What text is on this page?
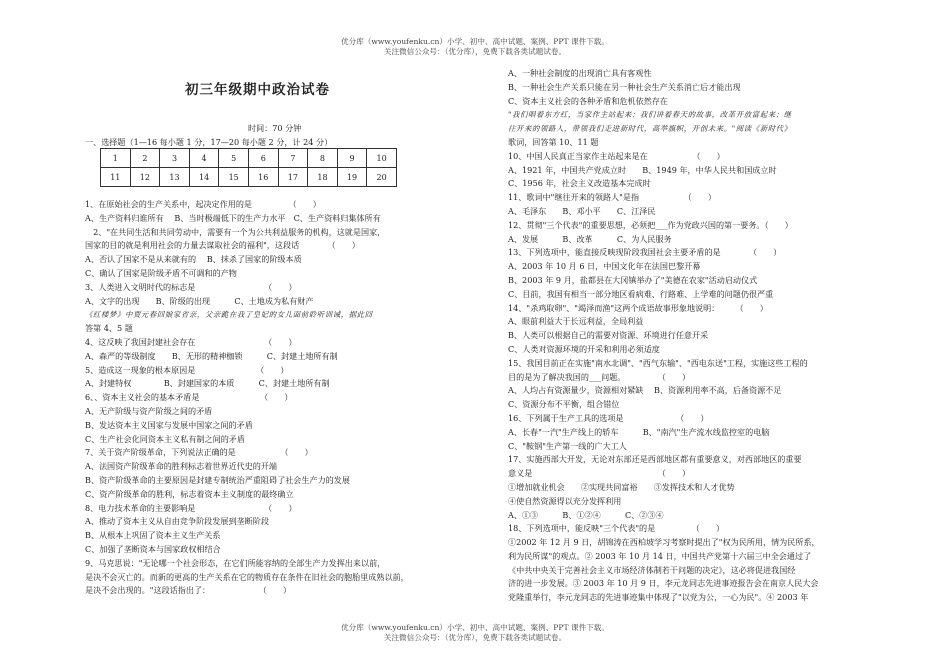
优分库（www.youfenku.cn）小学、初中、高中试题、案例、PPT 课件下载。
关注微信公众号：（优分库），免费下载各类试题试卷。
初三年级期中政治试卷
时间：70 分钟
一、选择题（1—16 每小题 1 分，17—20 每小题 2 分，计 24 分）
1	2	3	4	5	6	7	8	9	10
11	12	13	14	15	16	17	18	19	20

1、在原始社会的生产关系中，起决定作用的是　　　　　（　　）

A、生产资料归谁所有　 B、当时极端低下的生产力水平　C、生产资料归集体所有

　2、"在共同生活和共同劳动中，需要有一个为公共利益服务的机构，这就是国家，

国家的目的就是利用社会的力量去谋取社会的福利"，这段话　　　　（　　）

A、否认了国家不是从来就有的　 B、抹杀了国家的阶级本质

C、确认了国家是阶级矛盾不可调和的产物

3、人类进入文明时代的标志是　　　　　　　　　（　　）

A、文字的出现　　B、阶级的出现　　　C、土地成为私有财产

《红楼梦》中贾元春回娘家省亲，父亲跪在我了皇妃的女儿面前聆听训诫，据此回

答第 4、5 题

4、这反映了我国封建社会存在　　　　　　　　　（　　）

A、森严的等级制度　　B、无形的精神枷锁　　　C、封建土地所有制

5、造成这一现象的根本原因是　　　　　　　　（　　）

A、封建特权　　　　B、封建国家的本质　　　C、封建土地所有制

6、、资本主义社会的基本矛盾是　　　　　　　　（　　）

A、无产阶级与资产阶级之间的矛盾

B、发达资本主义国家与发展中国家之间的矛盾

C、生产社会化同资本主义私有制之间的矛盾

7、关于资产阶级革命，下列说法正确的是　　　　　　（　　）

A、法国资产阶级革命的胜利标志着世界近代史的开端

B、资产阶级革命的主要原因是封建专制统治严重阻碍了社会生产力的发展

C、资产阶级革命的胜利，标志着资本主义制度的最终确立

8、电力技术革命的主要影响是　　　　　　　　　（　　）

A、推动了资本主义从自由竞争阶段发展到垄断阶段

B、从根本上巩固了资本主义生产关系

C、加强了垄断资本与国家政权相结合

9、马克思说："无论哪一个社会形态，在它们所能容纳的全部生产力发挥出来以前，

是决不会灭亡的。而新的更高的生产关系在它的物质存在条件在旧社会的胞胎里成熟以前，

是决不会出现的。"这段话指出了：　　　　　　　（　　）

A、一种社会制度的出现消亡具有客观性

B、一种社会生产关系只能在另一种社会生产关系消亡后才能出现

C、资本主义社会的各种矛盾和危机依然存在

"我们唱着东方红，当家作主站起来；我们讲着春天的故事，改革开放富起来；继

往开来的领路人，带领我们走进新时代，高举旗帜，开创未来。"阅读《新时代》

歌词，回答第 10、11 题

10、中国人民真正当家作主站起来是在　　　　　　（　　）

A、1921 年，中国共产党成立时　　B、1949 年，中华人民共和国成立时

C、1956 年，社会主义改造基本完成时

11、歌词中"继往开来的领路人"是指　　　　　　（　　）

A、毛泽东　　B、邓小平　　C、江泽民

12、贯彻"三个代表"的重要思想，必须把___作为党政兴国的第一要务。（　　）

A、发展　　　B、改革　　　C、为人民服务

13、下列选项中，能直接反映现阶段我国社会主要矛盾的是　　　　（　　）

A、2003 年 10 月 6 日，中国文化年在法国巴黎开幕

B、2003 年 9 月，盐都县在大冈镇举办了"美德在农家"活动启动仪式

C、目前，我国有相当一部分地区看病难、行路难、上学难的问题仍很严重

14、"杀鸡取卵"、"竭泽而渔"这两个成语故事形象地说明：　　　（　　）

A、眼前利益大于长远利益，全局利益

B、人类可以根据自己的需要对资源、环境进行任意开采

C、人类对资源环境的开采和利用必须适度

15、我国目前正在实施"南水北调"、"西气东输"、"西电东送"工程，实施这些工程的

目的是为了解决我国的___问题。　　　　　（　　）

A、人均占有资源量少，资源相对紧缺　 B、资源利用率不高，后备资源不足

C、资源分布不平衡，组合错位

16、下列属于生产工具的选项是　　　　　　　（　　）

A、长春"一汽"生产线上的轿车　　　B、"南汽"生产流水线监控室的电脑

C、"鞍钢"生产第一线的广大工人

17、实施西部大开发，无论对东部还是西部地区都有重要意义，对西部地区的重要

意义是　　　　　　　　　　　　　　　　（　　）

①增加就业机会　　②实现共同富裕　　③发挥技术和人才优势

④使自然资源得以充分发挥利用

A、①③　　　B、①②④　　　C、②③④

18、下列选项中，能反映"三个代表"的是　　　　　（　　）

①2002 年 12 月 9 日，胡锦涛在西柏坡学习考察时提出了"权为民所用，情为民所系，

利为民所谋"的观点。② 2003 年 10 月 14 日，中国共产党第十六届三中全会通过了

《中共中央关于完善社会主义市场经济体制若干问题的决定》，这必将促进我国经

济的进一步发展。③ 2003 年 10 月 9 日，李元龙同志先进事迹报告会在南京人民大会

党隆重举行，李元龙同志的先进事迹集中体现了"以党为公，一心为民"。④ 2003 年

优分库（www.youfenku.cn）小学、初中、高中试题、案例、PPT 课件下载。
关注微信公众号：（优分库），免费下载各类试题试卷。
